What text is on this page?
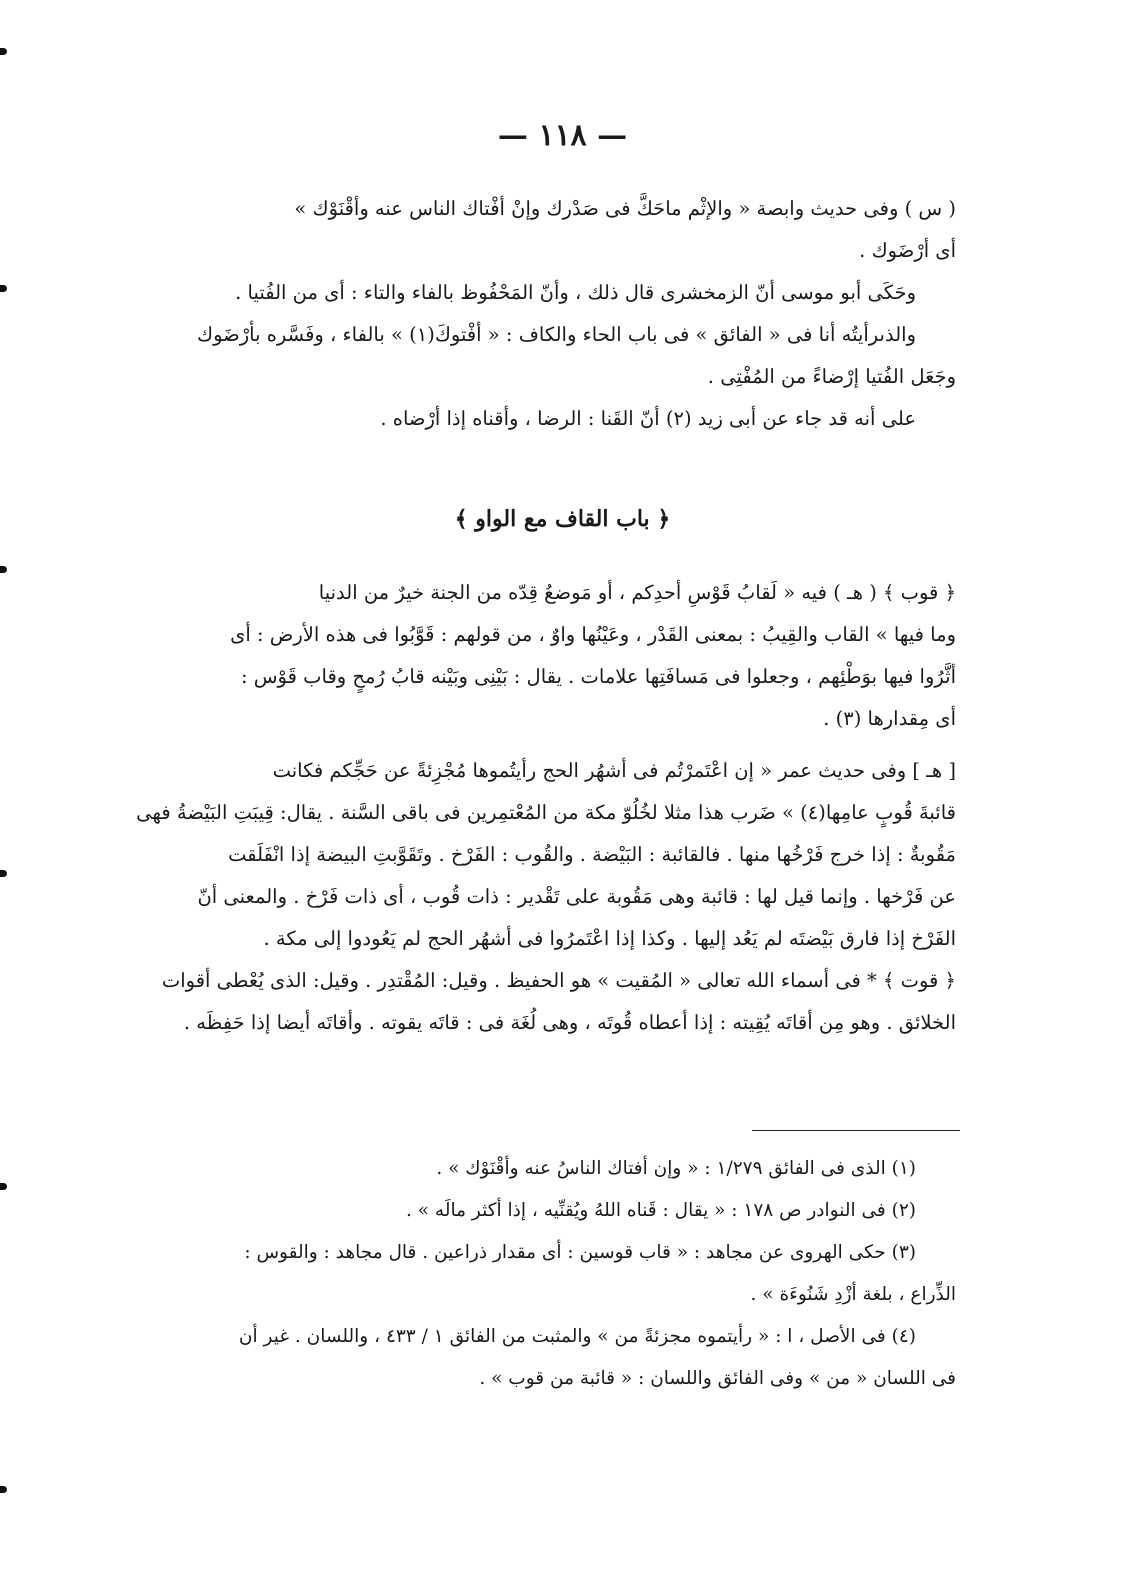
— ١١٨ —
( س ) وفى حديث وابصة « والإثْم ماحَكَّ فى صَدْرك وإنْ أفْتاك الناس عنه وأقْنَوْك »
أى أرْضَوك .
وحَكَى أبو موسى أنّ الزمخشرى قال ذلك ، وأنّ المَحْفُوظ بالفاء والتاء : أى من الفُتيا .
والذىرأيتُه أنا فى « الفائق » فى باب الحاء والكاف : « أفْتوكَ(١) » بالفاء ، وفَسَّره بأرْضَوك
وجَعَل الفُتيا إرْضاءً من المُفْتِى .
على أنه قد جاء عن أبى زيد (٢) أنّ القَنا : الرضا ، وأقناه إذا أرْضاه .
﴿ باب القاف مع الواو ﴾
﴿ قوب ﴾ ( هـ ) فيه « لَقابُ قَوْسِ أحدِكم ، أو مَوضعُ قِدّه من الجنة خيرٌ من الدنيا
وما فيها » القاب والقِيبُ : بمعنى القَدْر ، وعَيْنُها واوٌ ، من قولهم : قَوَّبُوا فى هذه الأرض : أى
أثَّرُوا فيها بوَطْئِهم ، وجعلوا فى مَسافَتِها علامات . يقال : بَيْنِى وبَيْنه قابُ رُمحٍ وقاب قَوْس :
أى مِقدارها (٣) .
[ هـ ] وفى حديث عمر « إن اعْتَمرْتُم فى أشهُر الحج رأيتُموها مُجْزِئةً عن حَجِّكم فكانت
قائبةَ قُوبٍ عامِها(٤) » ضَرب هذا مثلا لخُلُوّ مكة من المُعْتمِرين فى باقى السَّنة . يقال: قِيبَتِ البَيْضةُ فهى
مَقُوبةٌ : إذا خرج فَرْخُها منها . فالقائبة : البَيْضة . والقُوب : الفَرْخ . وتَقَوَّبتِ البيضة إذا انْفَلَقت
عن فَرْخها . وإنما قيل لها : قائبة وهى مَقُوبة على تَقْدير : ذات قُوب ، أى ذات فَرْخ . والمعنى أنّ
الفَرْخ إذا فارق بَيْضتَه لم يَعُد إليها . وكذا إذا اعْتَمرُوا فى أشهُر الحج لم يَعُودوا إلى مكة .
﴿ قوت ﴾ * فى أسماء الله تعالى « المُقيت » هو الحفيظ . وقيل: المُقْتدِر . وقيل: الذى يُعْطى أقوات
الخلائق . وهو مِن أقاتَه يُقِيته : إذا أعطاه قُوتَه ، وهى لُغَة فى : قاتَه يقوته . وأقاتَه أيضا إذا حَفِظَه .
(١) الذى فى الفائق ١/٢٧٩ : « وإن أفتاك الناسُ عنه وأقْنَوْك » .
(٢) فى النوادر ص ١٧٨ : « يقال : قَناه اللهُ ويُقنِّيه ، إذا أكثر مالَه » .
(٣) حكى الهروى عن مجاهد : « قاب قوسين : أى مقدار ذراعين . قال مجاهد : والقوس :
الذِّراع ، بلغة أزْدِ شَنُوءَة » .
(٤) فى الأصل ، ا : « رأيتموه مجزئةً من » والمثبت من الفائق ١ / ٤٣٣ ، واللسان . غير أن
فى اللسان « من » وفى الفائق واللسان : « قائبة من قوب » .
